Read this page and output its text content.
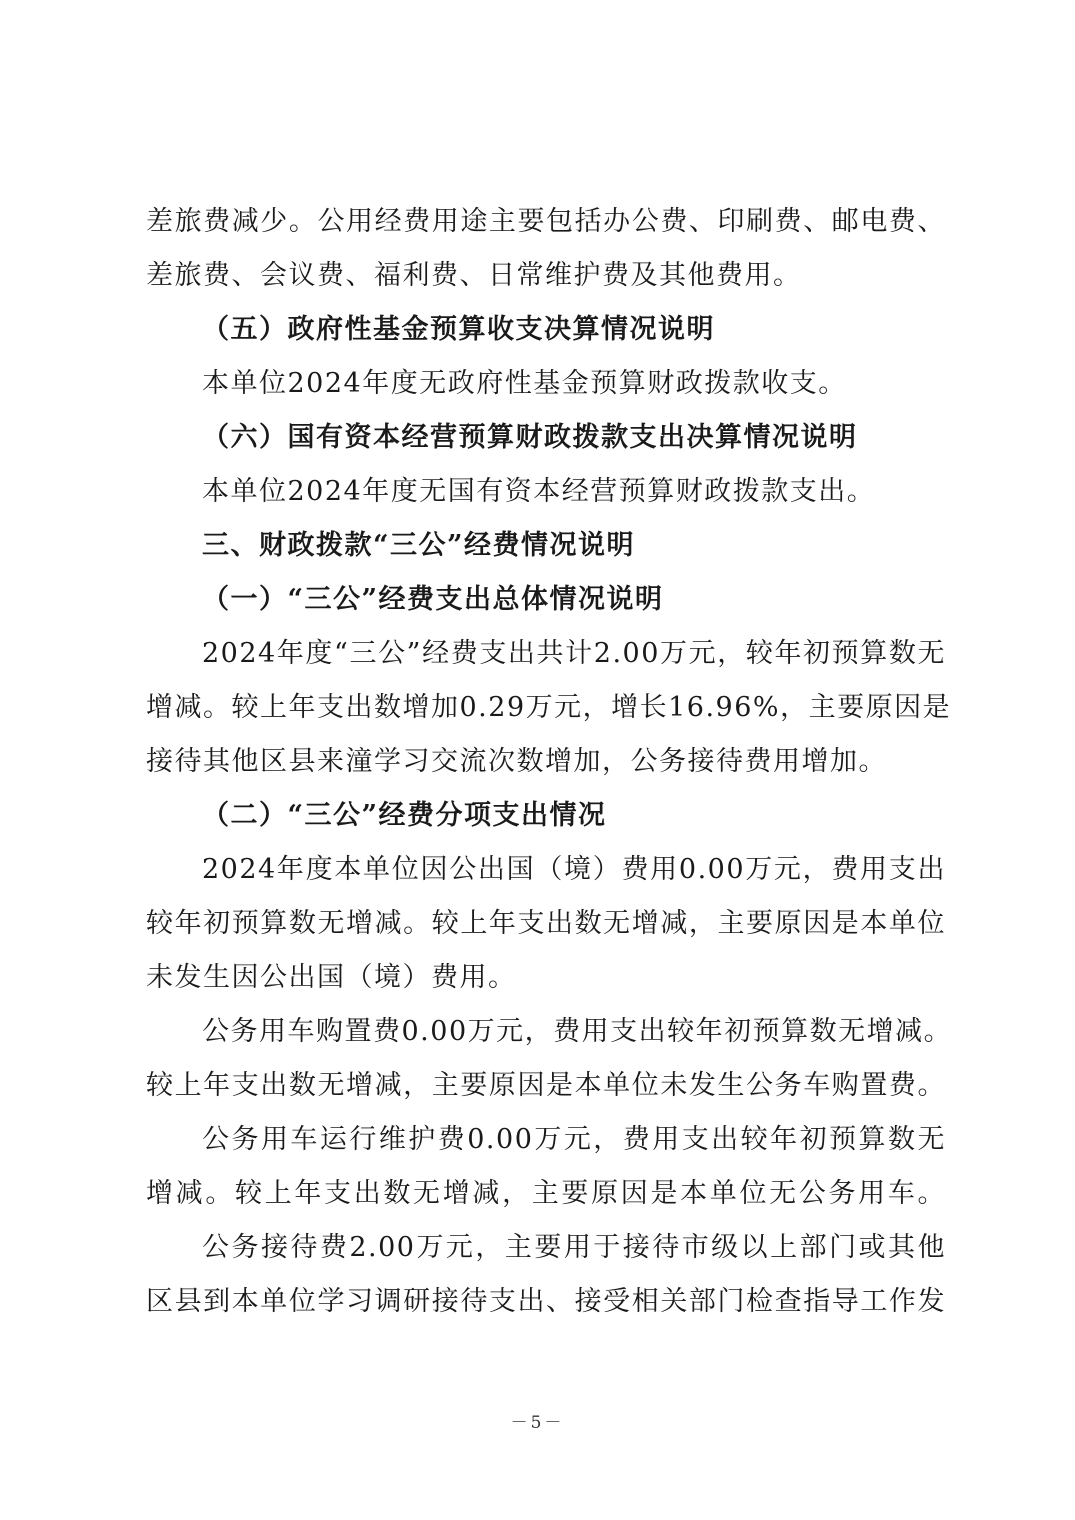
差旅费减少。公用经费用途主要包括办公费、印刷费、邮电费、
差旅费、会议费、福利费、日常维护费及其他费用。
（五）政府性基金预算收支决算情况说明
本单位2024年度无政府性基金预算财政拨款收支。
（六）国有资本经营预算财政拨款支出决算情况说明
本单位2024年度无国有资本经营预算财政拨款支出。
三、财政拨款“三公”经费情况说明
（一）“三公”经费支出总体情况说明
2024年度“三公”经费支出共计2.00万元，较年初预算数无
增减。较上年支出数增加0.29万元，增长16.96%，主要原因是
接待其他区县来潼学习交流次数增加，公务接待费用增加。
（二）“三公”经费分项支出情况
2024年度本单位因公出国（境）费用0.00万元，费用支出
较年初预算数无增减。较上年支出数无增减，主要原因是本单位
未发生因公出国（境）费用。
公务用车购置费0.00万元，费用支出较年初预算数无增减。
较上年支出数无增减，主要原因是本单位未发生公务车购置费。
公务用车运行维护费0.00万元，费用支出较年初预算数无
增减。较上年支出数无增减，主要原因是本单位无公务用车。
公务接待费2.00万元，主要用于接待市级以上部门或其他
区县到本单位学习调研接待支出、接受相关部门检查指导工作发
－5－
